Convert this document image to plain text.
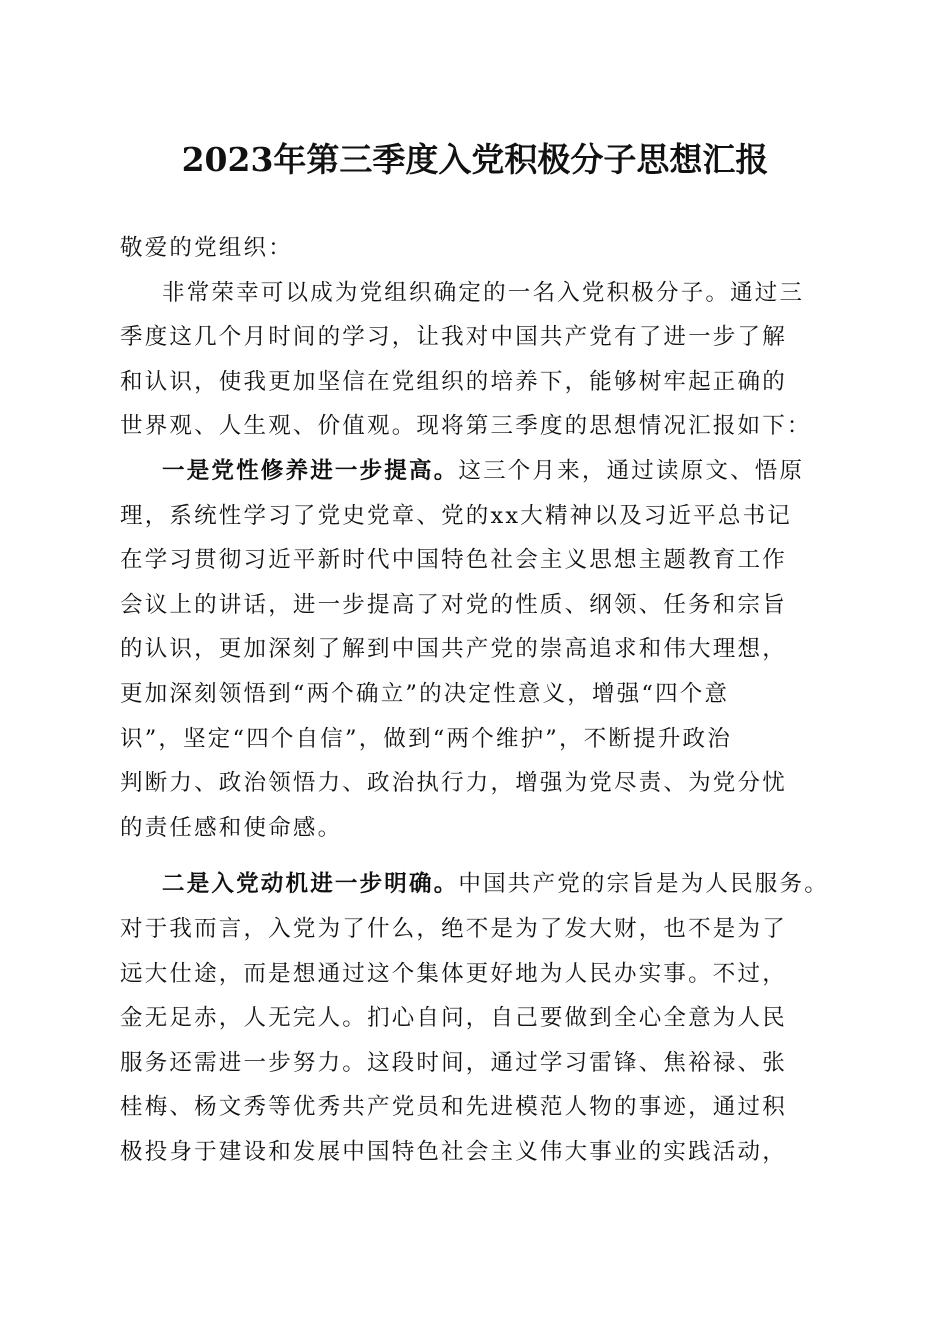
2023年第三季度入党积极分子思想汇报
敬爱的党组织：
非常荣幸可以成为党组织确定的一名入党积极分子。通过三
季度这几个月时间的学习，让我对中国共产党有了进一步了解
和认识，使我更加坚信在党组织的培养下，能够树牢起正确的
世界观、人生观、价值观。现将第三季度的思想情况汇报如下：
一是党性修养进一步提高。这三个月来，通过读原文、悟原
理，系统性学习了党史党章、党的xx大精神以及习近平总书记
在学习贯彻习近平新时代中国特色社会主义思想主题教育工作
会议上的讲话，进一步提高了对党的性质、纲领、任务和宗旨
的认识，更加深刻了解到中国共产党的崇高追求和伟大理想，
更加深刻领悟到“两个确立”的决定性意义，增强“四个意
识”，坚定“四个自信”，做到“两个维护”，不断提升政治
判断力、政治领悟力、政治执行力，增强为党尽责、为党分忧
的责任感和使命感。
二是入党动机进一步明确。中国共产党的宗旨是为人民服务。
对于我而言，入党为了什么，绝不是为了发大财，也不是为了
远大仕途，而是想通过这个集体更好地为人民办实事。不过，
金无足赤，人无完人。扪心自问，自己要做到全心全意为人民
服务还需进一步努力。这段时间，通过学习雷锋、焦裕禄、张
桂梅、杨文秀等优秀共产党员和先进模范人物的事迹，通过积
极投身于建设和发展中国特色社会主义伟大事业的实践活动，
